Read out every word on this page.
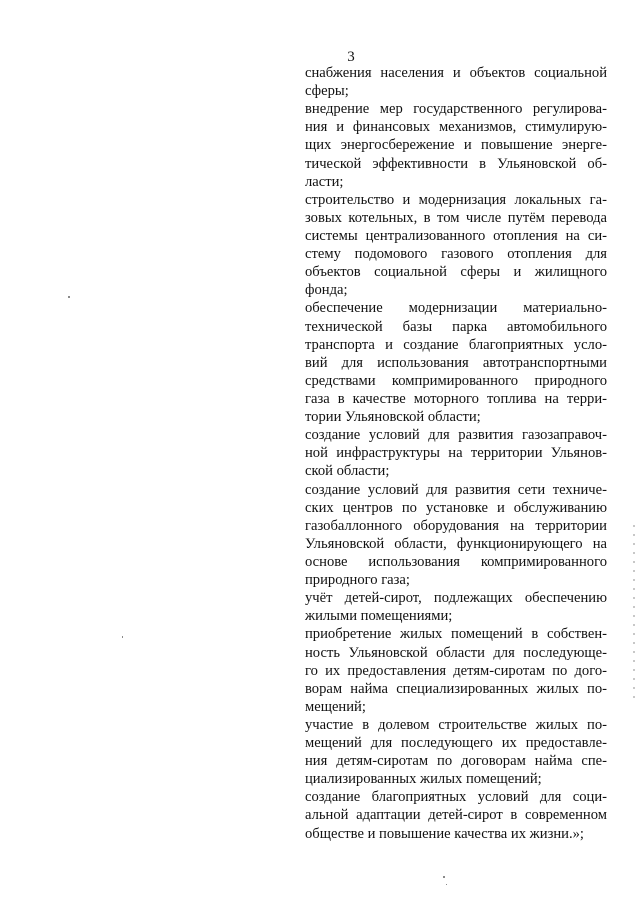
3
снабжения населения и объектов социальной
сферы;
внедрение мер государственного регулирова-
ния и финансовых механизмов, стимулирую-
щих энергосбережение и повышение энерге-
тической эффективности в Ульяновской об-
ласти;
строительство и модернизация локальных га-
зовых котельных, в том числе путём перевода
системы централизованного отопления на си-
стему подомового газового отопления для
объектов социальной сферы и жилищного
фонда;
обеспечение модернизации материально-
технической базы парка автомобильного
транспорта и создание благоприятных усло-
вий для использования автотранспортными
средствами компримированного природного
газа в качестве моторного топлива на терри-
тории Ульяновской области;
создание условий для развития газозаправоч-
ной инфраструктуры на территории Ульянов-
ской области;
создание условий для развития сети техниче-
ских центров по установке и обслуживанию
газобаллонного оборудования на территории
Ульяновской области, функционирующего на
основе использования компримированного
природного газа;
учёт детей-сирот, подлежащих обеспечению
жилыми помещениями;
приобретение жилых помещений в собствен-
ность Ульяновской области для последующе-
го их предоставления детям-сиротам по дого-
ворам найма специализированных жилых по-
мещений;
участие в долевом строительстве жилых по-
мещений для последующего их предоставле-
ния детям-сиротам по договорам найма спе-
циализированных жилых помещений;
создание благоприятных условий для соци-
альной адаптации детей-сирот в современном
обществе и повышение качества их жизни.»;
